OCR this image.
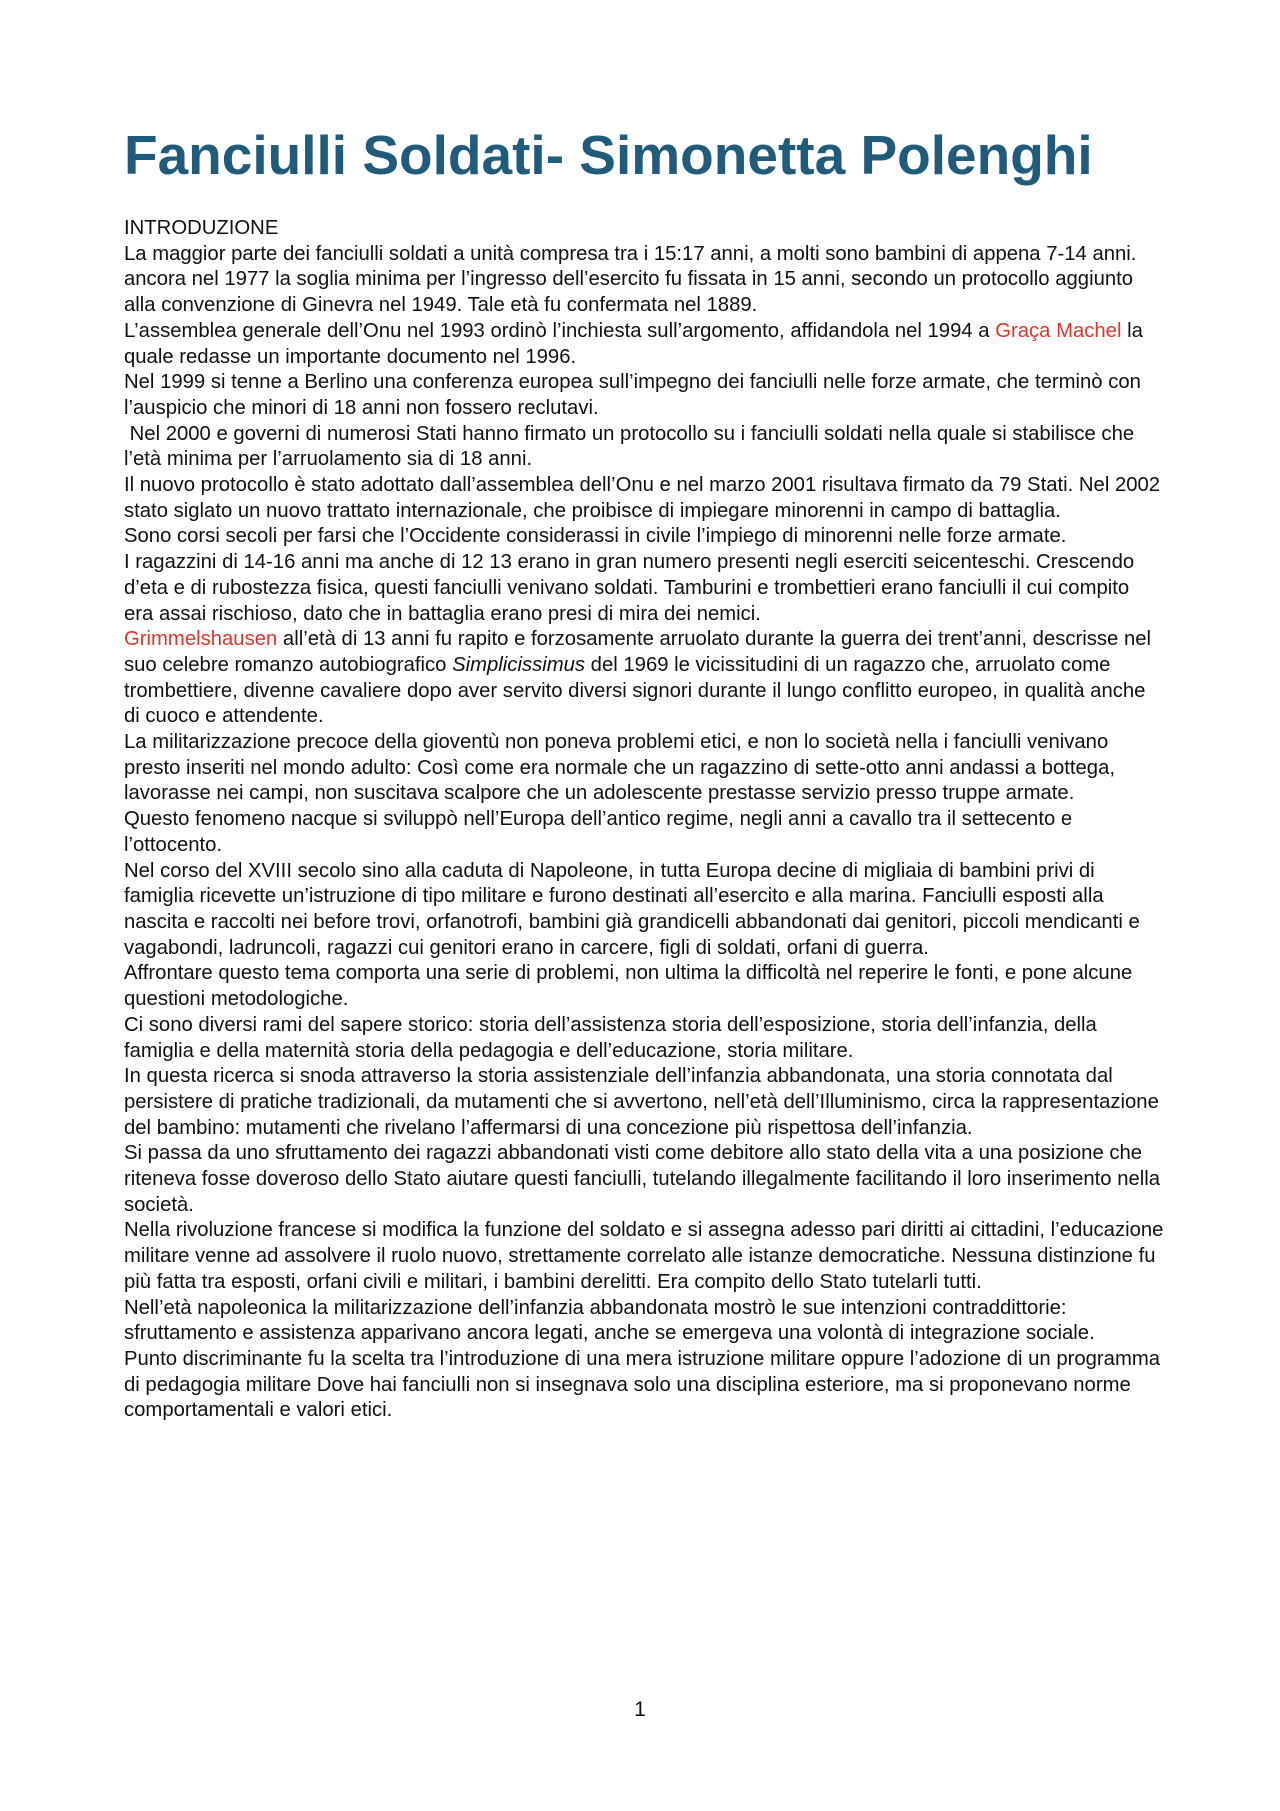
Fanciulli Soldati- Simonetta Polenghi

INTRODUZIONE

La maggior parte dei fanciulli soldati a unità compresa tra i 15:17 anni, a molti sono bambini di appena 7-14 anni.

ancora nel 1977 la soglia minima per l’ingresso dell’esercito fu fissata in 15 anni, secondo un protocollo aggiunto alla convenzione di Ginevra nel 1949. Tale età fu confermata nel 1889.

L’assemblea generale dell’Onu nel 1993 ordinò l’inchiesta sull’argomento, affidandola nel 1994 a Graça Machel la quale redasse un importante documento nel 1996.

Nel 1999 si tenne a Berlino una conferenza europea sull’impegno dei fanciulli nelle forze armate, che terminò con l’auspicio che minori di 18 anni non fossero reclutavi.

Nel 2000 e governi di numerosi Stati hanno firmato un protocollo su i fanciulli soldati nella quale si stabilisce che l’età minima per l’arruolamento sia di 18 anni.

Il nuovo protocollo è stato adottato dall’assemblea dell’Onu e nel marzo 2001 risultava firmato da 79 Stati. Nel 2002 stato siglato un nuovo trattato internazionale, che proibisce di impiegare minorenni in campo di battaglia.

Sono corsi secoli per farsi che l’Occidente considerassi in civile l’impiego di minorenni nelle forze armate.

I ragazzini di 14-16 anni ma anche di 12 13 erano in gran numero presenti negli eserciti seicenteschi. Crescendo d’eta e di rubostezza fisica, questi fanciulli venivano soldati. Tamburini e trombettieri erano fanciulli il cui compito era assai rischioso, dato che in battaglia erano presi di mira dei nemici.

Grimmelshausen all’età di 13 anni fu rapito e forzosamente arruolato durante la guerra dei trent’anni, descrisse nel suo celebre romanzo autobiografico Simplicissimus del 1969 le vicissitudini di un ragazzo che, arruolato come trombettiere, divenne cavaliere dopo aver servito diversi signori durante il lungo conflitto europeo, in qualità anche di cuoco e attendente.

La militarizzazione precoce della gioventù non poneva problemi etici, e non lo società nella i fanciulli venivano presto inseriti nel mondo adulto: Così come era normale che un ragazzino di sette-otto anni andassi a bottega, lavorasse nei campi, non suscitava scalpore che un adolescente prestasse servizio presso truppe armate.

Questo fenomeno nacque si sviluppò nell’Europa dell’antico regime, negli anni a cavallo tra il settecento e l’ottocento.

Nel corso del XVIII secolo sino alla caduta di Napoleone, in tutta Europa decine di migliaia di bambini privi di famiglia ricevette un’istruzione di tipo militare e furono destinati all’esercito e alla marina. Fanciulli esposti alla nascita e raccolti nei before trovi, orfanotrofi, bambini già grandicelli abbandonati dai genitori, piccoli mendicanti e vagabondi, ladruncoli, ragazzi cui genitori erano in carcere, figli di soldati, orfani di guerra.

Affrontare questo tema comporta una serie di problemi, non ultima la difficoltà nel reperire le fonti, e pone alcune questioni metodologiche.

Ci sono diversi rami del sapere storico: storia dell’assistenza storia dell’esposizione, storia dell’infanzia, della famiglia e della maternità storia della pedagogia e dell’educazione, storia militare.

In questa ricerca si snoda attraverso la storia assistenziale dell’infanzia abbandonata, una storia connotata dal persistere di pratiche tradizionali, da mutamenti che si avvertono, nell’età dell’Illuminismo, circa la rappresentazione del bambino: mutamenti che rivelano l’affermarsi di una concezione più rispettosa dell’infanzia.

Si passa da uno sfruttamento dei ragazzi abbandonati visti come debitore allo stato della vita a una posizione che riteneva fosse doveroso dello Stato aiutare questi fanciulli, tutelando illegalmente facilitando il loro inserimento nella società.

Nella rivoluzione francese si modifica la funzione del soldato e si assegna adesso pari diritti ai cittadini, l’educazione militare venne ad assolvere il ruolo nuovo, strettamente correlato alle istanze democratiche. Nessuna distinzione fu più fatta tra esposti, orfani civili e militari, i bambini derelitti. Era compito dello Stato tutelarli tutti.

Nell’età napoleonica la militarizzazione dell’infanzia abbandonata mostrò le sue intenzioni contraddittorie: sfruttamento e assistenza apparivano ancora legati, anche se emergeva una volontà di integrazione sociale.

Punto discriminante fu la scelta tra l’introduzione di una mera istruzione militare oppure l’adozione di un programma di pedagogia militare Dove hai fanciulli non si insegnava solo una disciplina esteriore, ma si proponevano norme comportamentali e valori etici.

1
